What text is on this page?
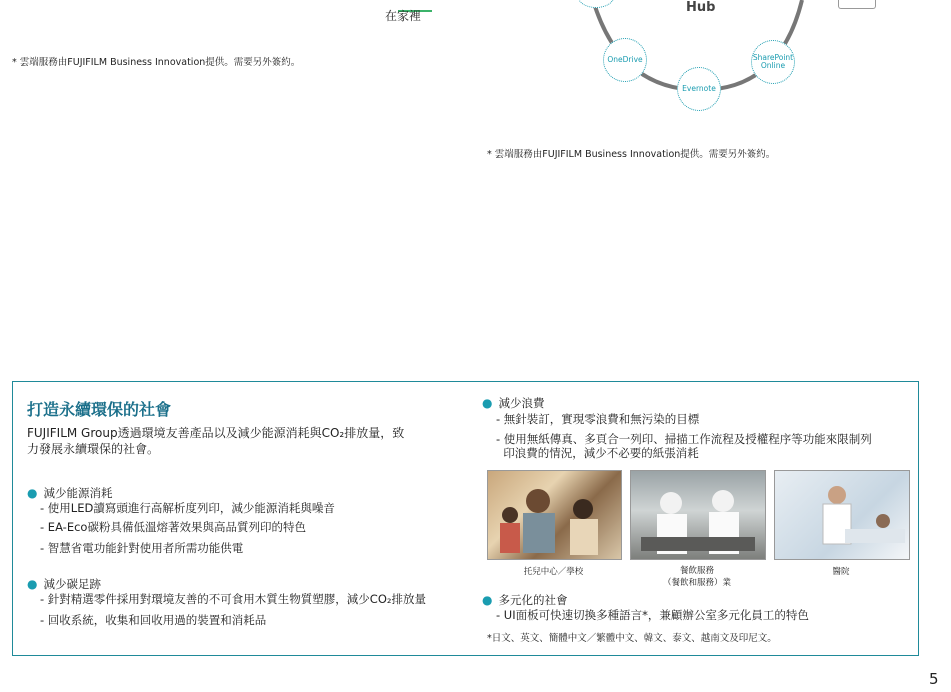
在家裡
* 雲端服務由FUJIFILM Business Innovation提供。需要另外簽約。
Hub
OneDrive
Evernote
SharePoint Online
* 雲端服務由FUJIFILM Business Innovation提供。需要另外簽約。
打造永續環保的社會
FUJIFILM Group透過環境友善產品以及減少能源消耗與CO₂排放量，致
力發展永續環保的社會。
● 減少能源消耗
- 使用LED讀寫頭進行高解析度列印，減少能源消耗與噪音
- EA-Eco碳粉具備低溫熔著效果與高品質列印的特色
- 智慧省電功能針對使用者所需功能供電
● 減少碳足跡
- 針對精選零件採用對環境友善的不可食用木質生物質塑膠，減少CO₂排放量
- 回收系統，收集和回收用過的裝置和消耗品
● 減少浪費
- 無針裝訂，實現零浪費和無污染的目標
- 使用無紙傳真、多頁合一列印、掃描工作流程及授權程序等功能來限制列
印浪費的情況，減少不必要的紙張消耗
托兒中心／學校	餐飲服務
（餐飲和服務）業
醫院
● 多元化的社會
- UI面板可快速切換多種語言*，兼顧辦公室多元化員工的特色
*日文、英文、簡體中文／繁體中文、韓文、泰文、越南文及印尼文。
5
